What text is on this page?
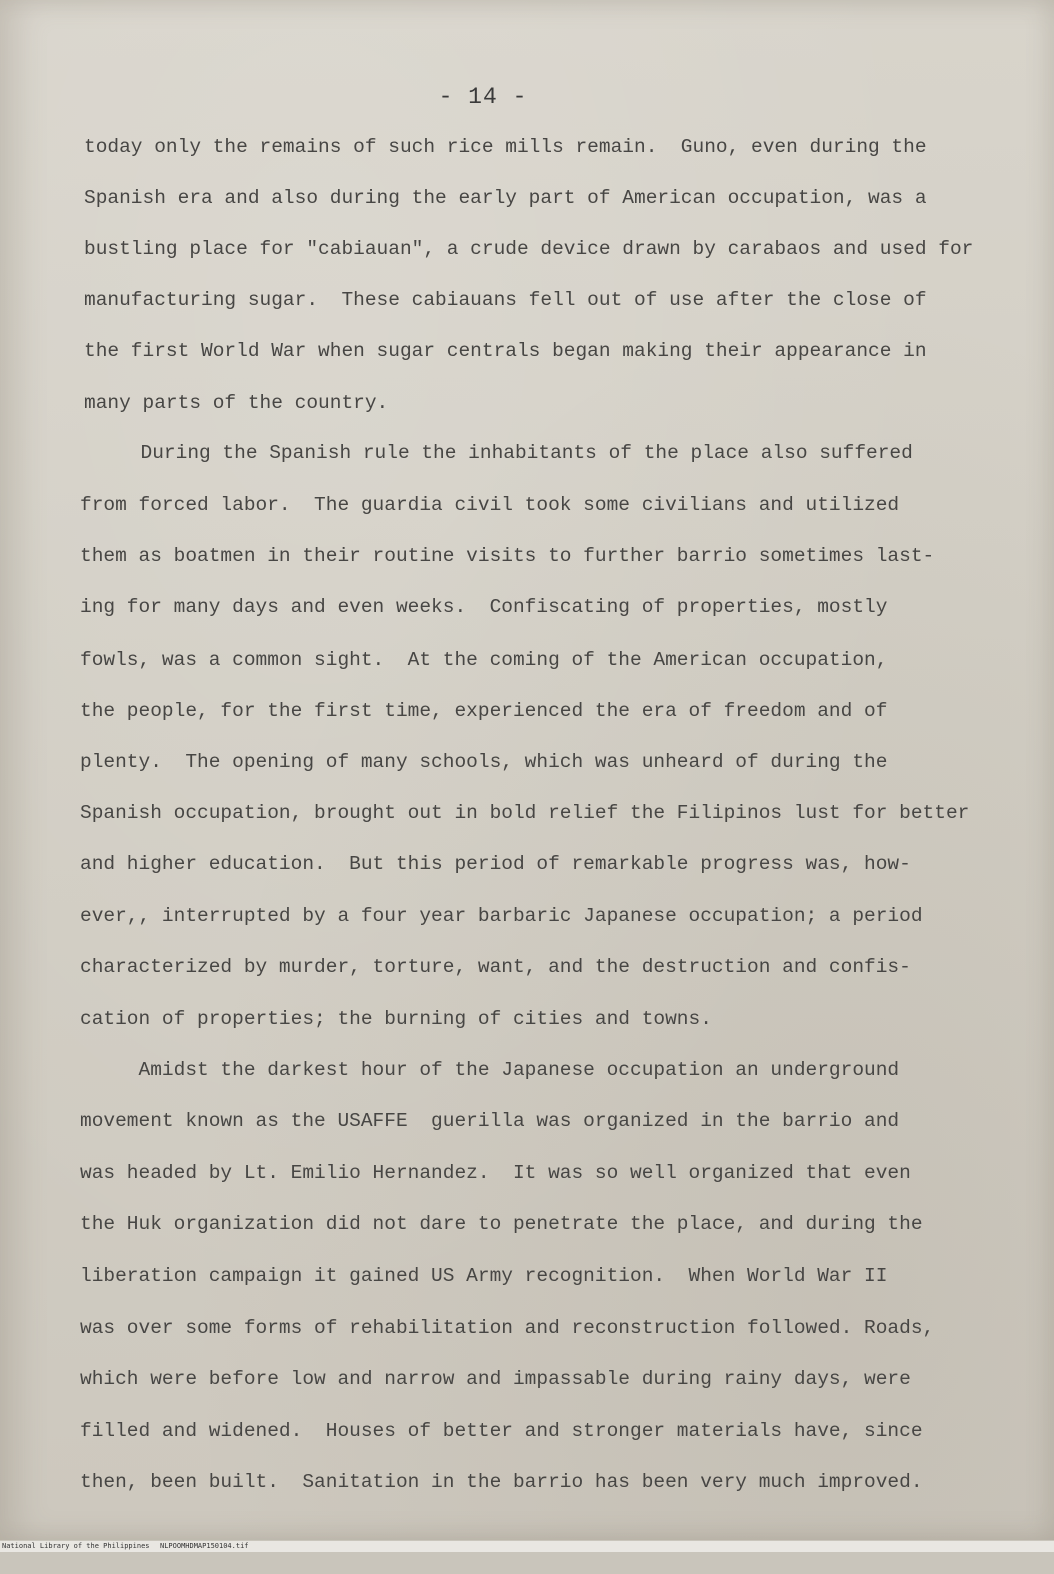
- 14 -
today only the remains of such rice mills remain.  Guno, even during the
Spanish era and also during the early part of American occupation, was a
bustling place for "cabiauan", a crude device drawn by carabaos and used for
manufacturing sugar.  These cabiauans fell out of use after the close of
the first World War when sugar centrals began making their appearance in
many parts of the country.
During the Spanish rule the inhabitants of the place also suffered
from forced labor.  The guardia civil took some civilians and utilized
them as boatmen in their routine visits to further barrio sometimes last-
ing for many days and even weeks.  Confiscating of properties, mostly
fowls, was a common sight.  At the coming of the American occupation,
the people, for the first time, experienced the era of freedom and of
plenty.  The opening of many schools, which was unheard of during the
Spanish occupation, brought out in bold relief the Filipinos lust for better
and higher education.  But this period of remarkable progress was, how-
ever,, interrupted by a four year barbaric Japanese occupation; a period
characterized by murder, torture, want, and the destruction and confis-
cation of properties; the burning of cities and towns.
Amidst the darkest hour of the Japanese occupation an underground
movement known as the USAFFE  guerilla was organized in the barrio and
was headed by Lt. Emilio Hernandez.  It was so well organized that even
the Huk organization did not dare to penetrate the place, and during the
liberation campaign it gained US Army recognition.  When World War II
was over some forms of rehabilitation and reconstruction followed. Roads,
which were before low and narrow and impassable during rainy days, were
filled and widened.  Houses of better and stronger materials have, since
then, been built.  Sanitation in the barrio has been very much improved.

National Library of the Philippines

NLPOOMHDMAP150104.tif
